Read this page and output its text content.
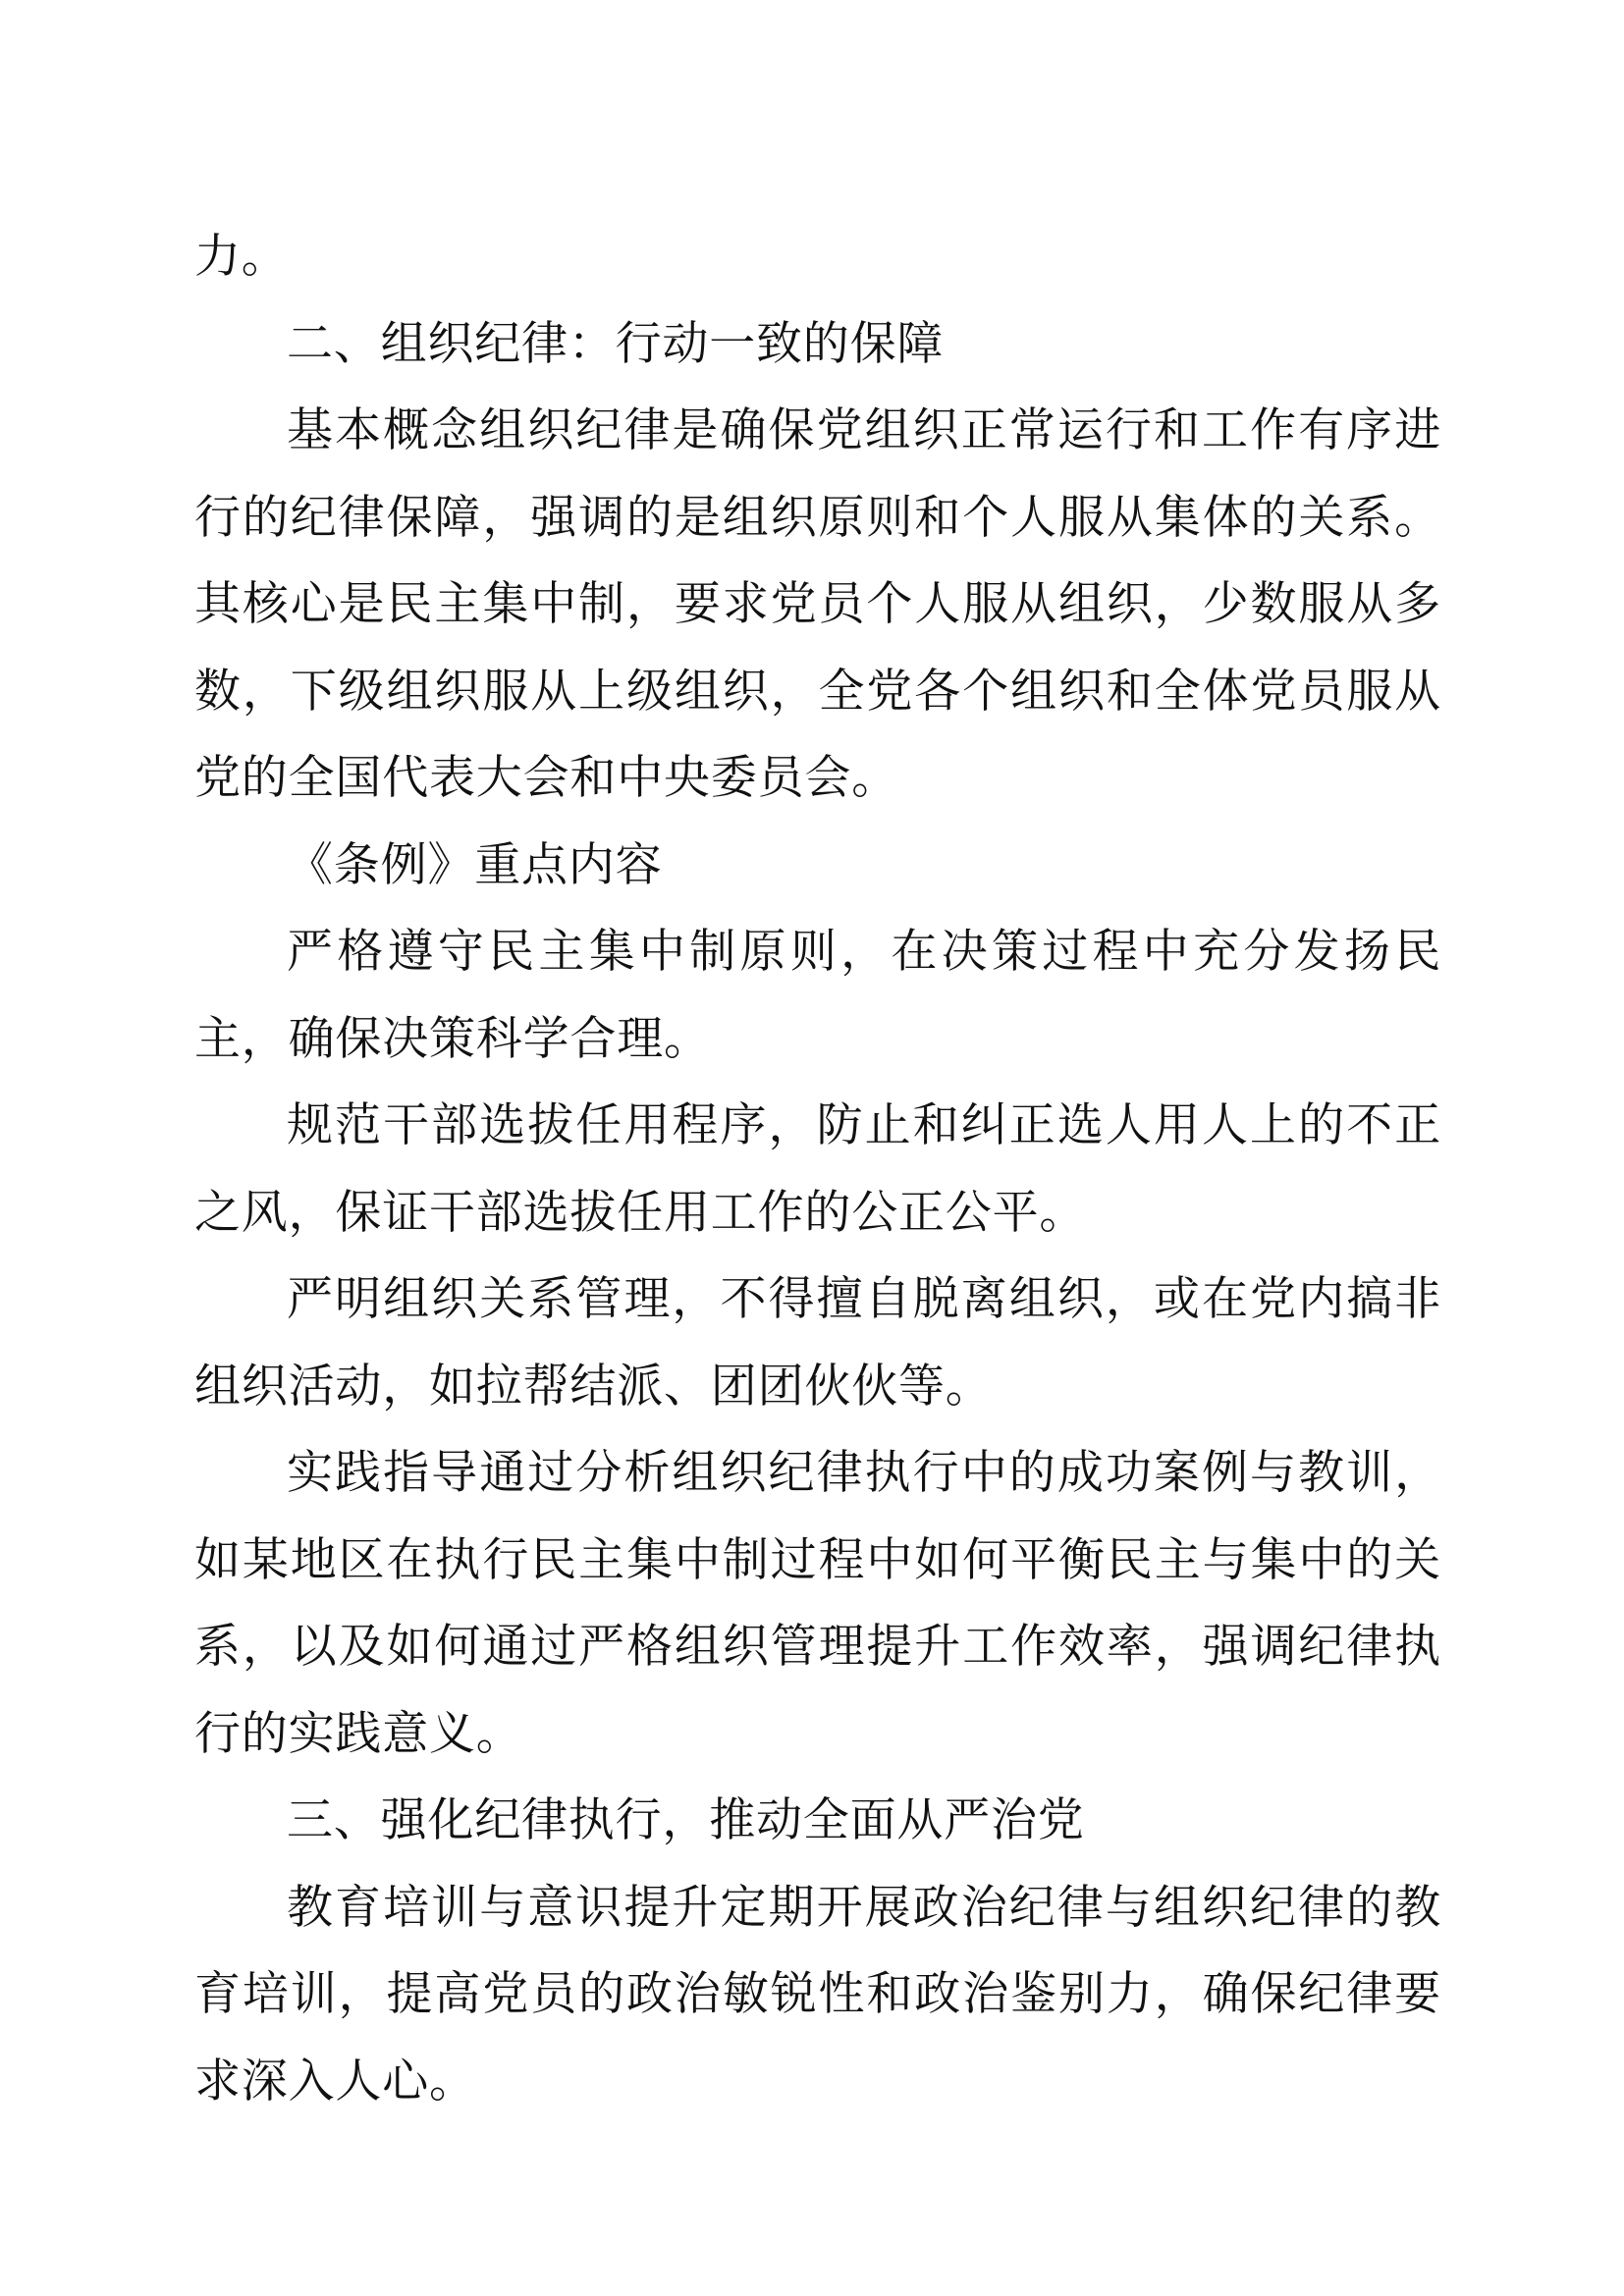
力。

二、组织纪律：行动一致的保障

基本概念组织纪律是确保党组织正常运行和工作有序进行的纪律保障，强调的是组织原则和个人服从集体的关系。其核心是民主集中制，要求党员个人服从组织，少数服从多数，下级组织服从上级组织，全党各个组织和全体党员服从党的全国代表大会和中央委员会。

《条例》重点内容

严格遵守民主集中制原则，在决策过程中充分发扬民主，确保决策科学合理。

规范干部选拔任用程序，防止和纠正选人用人上的不正之风，保证干部选拔任用工作的公正公平。

严明组织关系管理，不得擅自脱离组织，或在党内搞非组织活动，如拉帮结派、团团伙伙等。

实践指导通过分析组织纪律执行中的成功案例与教训，如某地区在执行民主集中制过程中如何平衡民主与集中的关系，以及如何通过严格组织管理提升工作效率，强调纪律执行的实践意义。

三、强化纪律执行，推动全面从严治党

教育培训与意识提升定期开展政治纪律与组织纪律的教育培训，提高党员的政治敏锐性和政治鉴别力，确保纪律要求深入人心。
